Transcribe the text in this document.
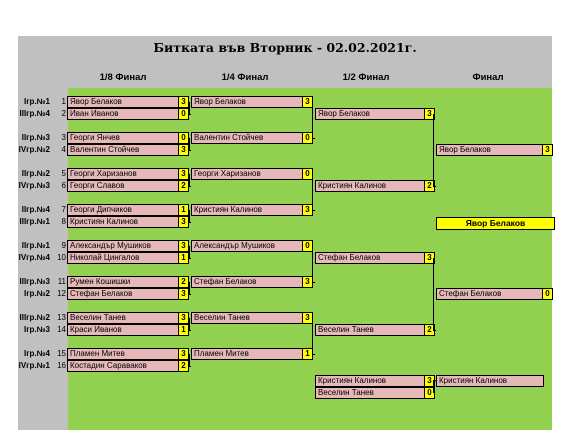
Битката във Вторник - 02.02.2021г.
1/8 Финал	1/4 Финал	1/2 Финал	Финал
Iгр.№1	1 Явор Белаков	3
IIIгр.№4	2 Иван Иванов	0
IIгр.№3	3 Георги Янчев	0
IVгр.№2	4 Валентин Стойчев	3
IIгр.№2	5 Георги Харизанов	3
IVгр.№3	6 Георги Славов	2
IIгр.№4	7 Георги Дипчиков	1
IIIгр.№1	8 Кристиян Калинов	3
IIгр.№1	9 Александър Мушиков	3
IVгр.№4 10 Николай Цингалов	1
IIIгр.№3 11 Румен Кошишки	2
Iгр.№2 12 Стефан Белаков	3
IIIгр.№2 13 Веселин Танев	3
Iгр.№3 14 Краси Иванов	1
Iгр.№4 15 Пламен Митев	3
IVгр.№1 16 Костадин Саравакoв	2
Явор Белаков	3
Валентин Стойчев	0
Георги Харизанов	0
Кристиян Калинов	3
Александър Мушиков	0
Стефан Белаков	3
Веселин Танев	3
Пламен Митев	1
Явор Белаков	3
Кристиян Калинов	2
Стефан Белаков	3
Веселин Танев	2
Явор Белаков	3
Стефан Белаков	0
Явор Белаков
Кристиян Калинов	3
Веселин Танев	0
Кристиян Калинов
